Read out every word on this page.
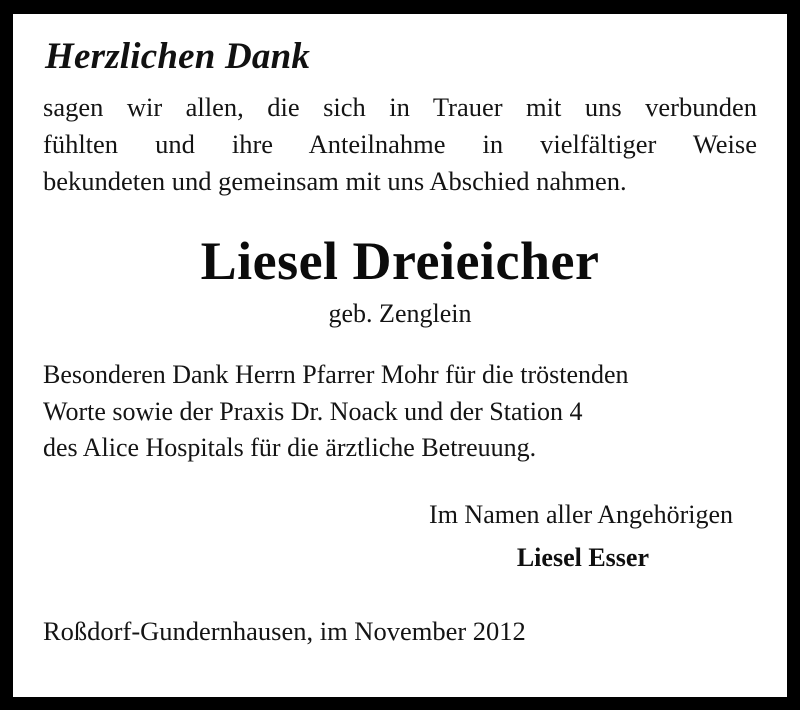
Herzlichen Dank
sagen wir allen, die sich in Trauer mit uns verbunden
fühlten und ihre Anteilnahme in vielfältiger Weise
bekundeten und gemeinsam mit uns Abschied nahmen.
Liesel Dreieicher
geb. Zenglein
Besonderen Dank Herrn Pfarrer Mohr für die tröstenden
Worte sowie der Praxis Dr. Noack und der Station 4
des Alice Hospitals für die ärztliche Betreuung.
Im Namen aller Angehörigen
Liesel Esser
Roßdorf-Gundernhausen, im November 2012
